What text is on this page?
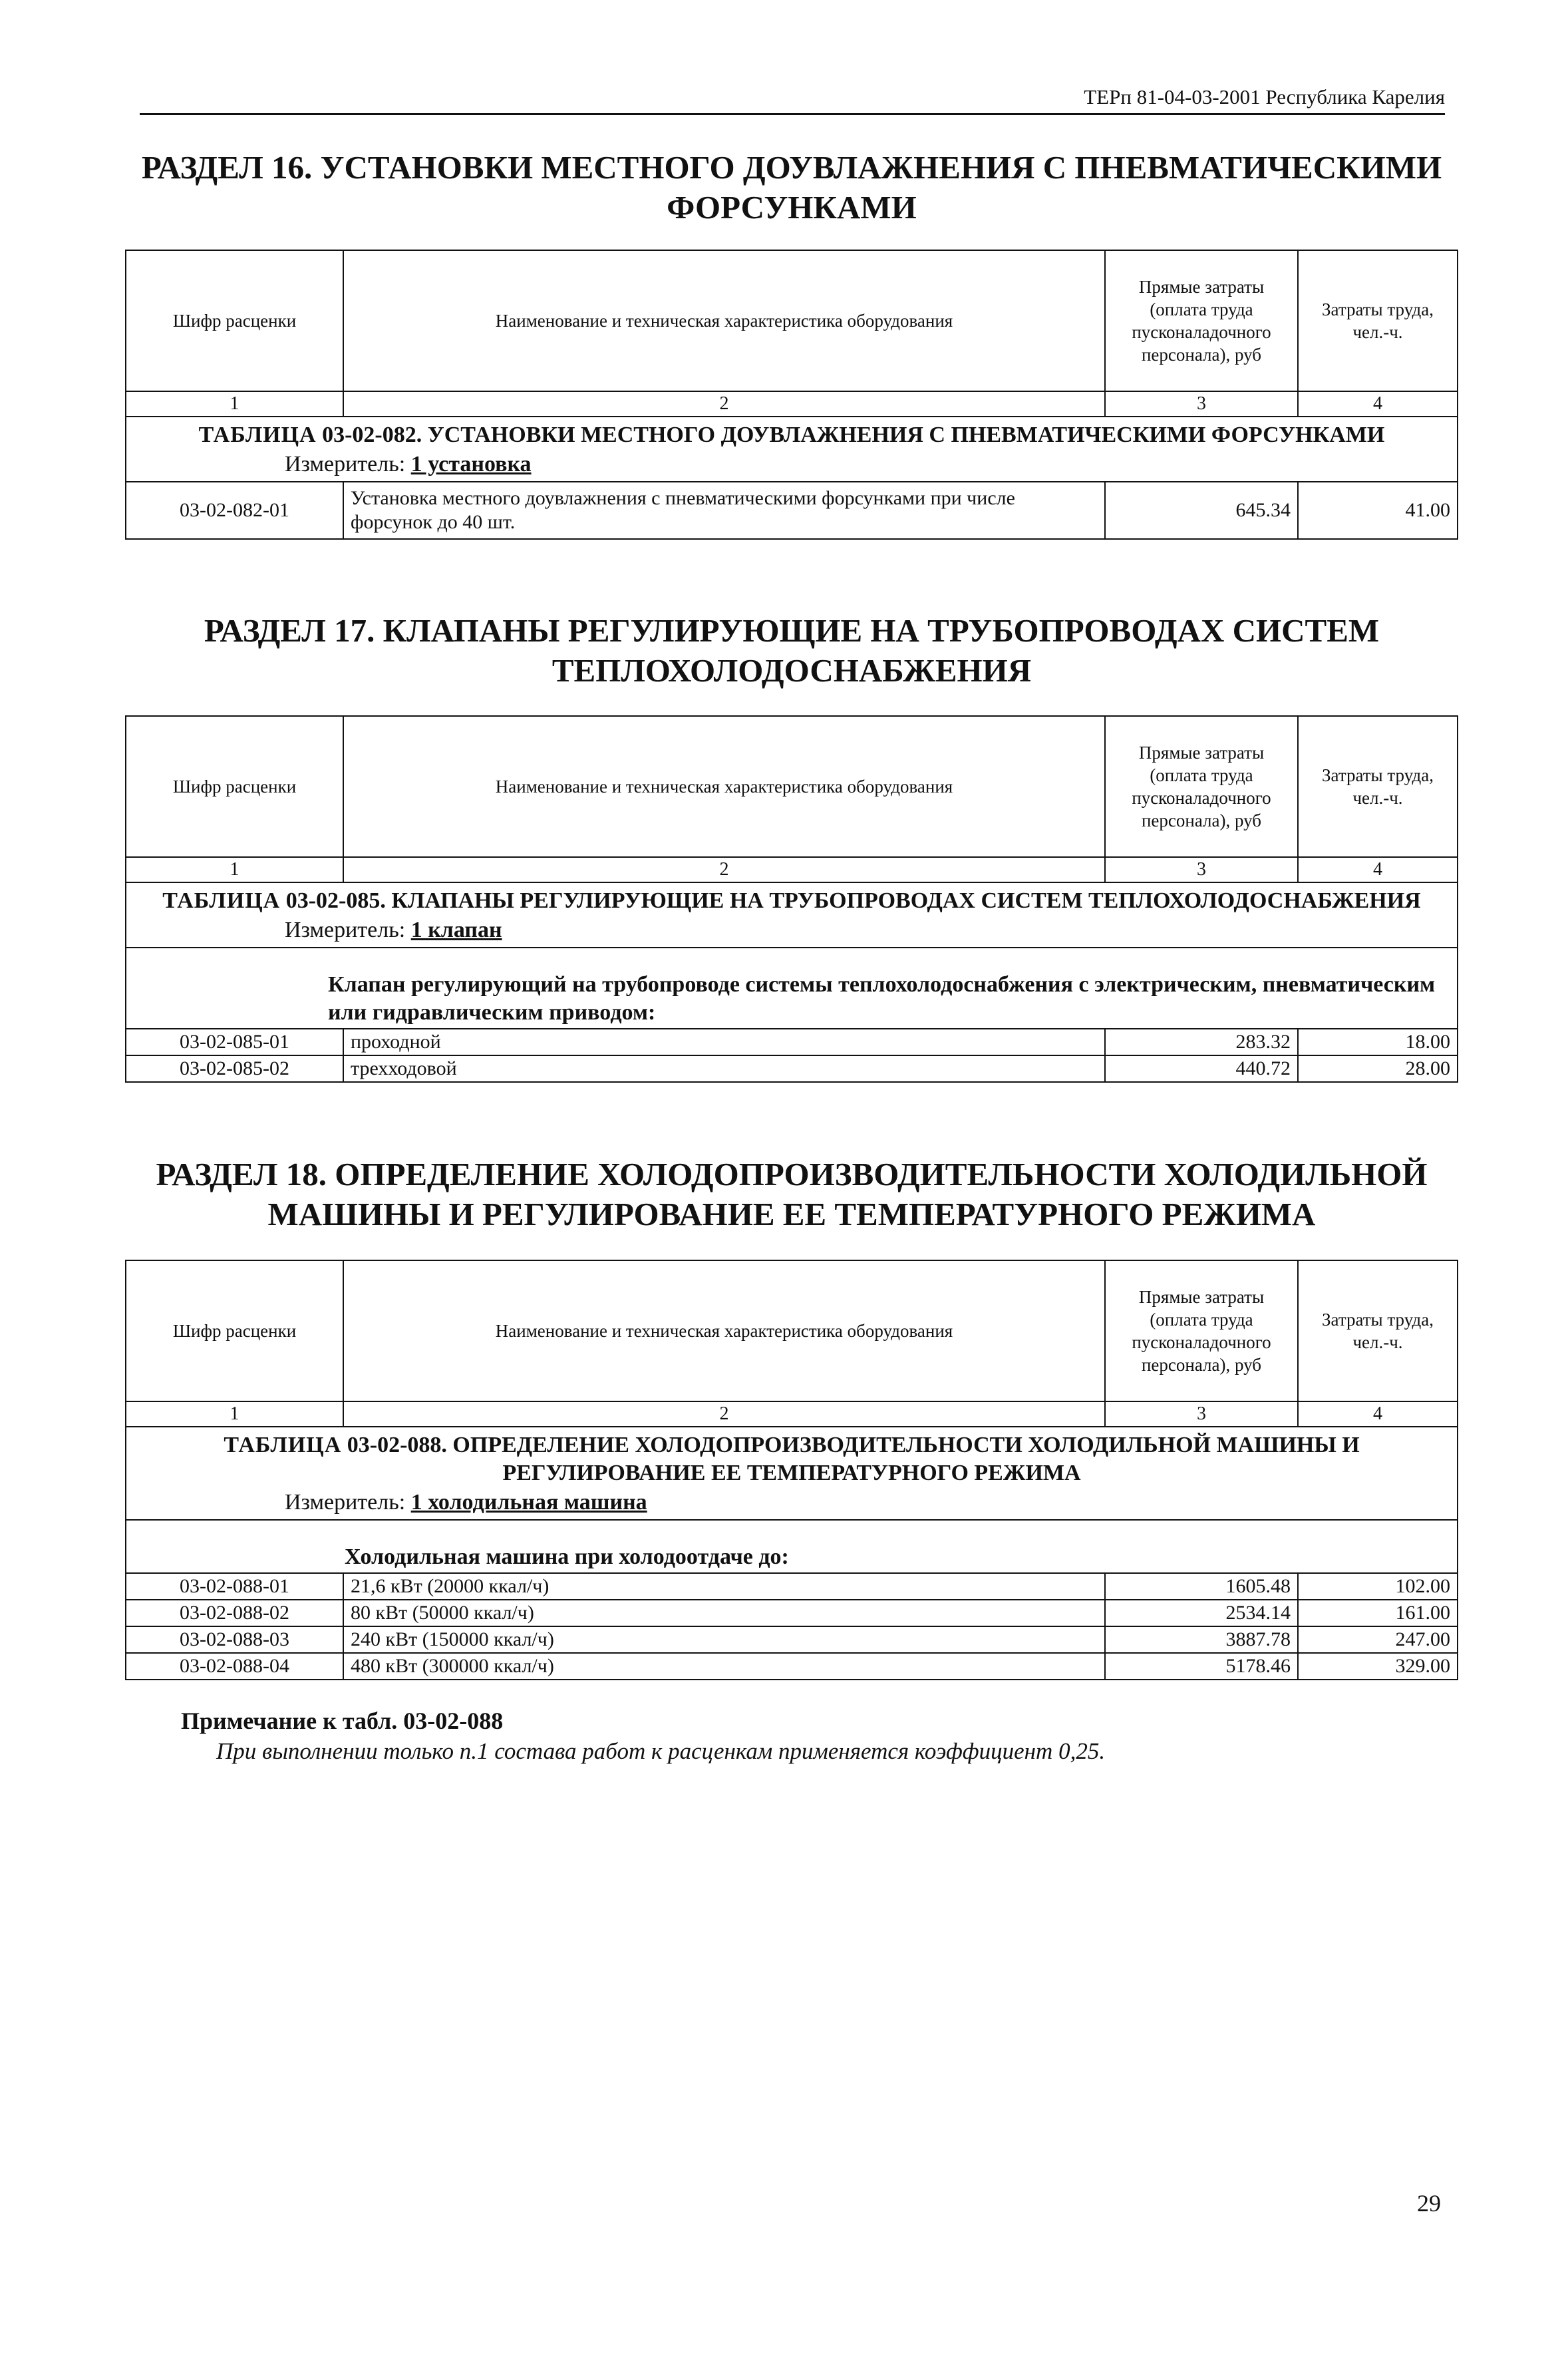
ТЕРп 81-04-03-2001 Республика Карелия
РАЗДЕЛ 16. УСТАНОВКИ МЕСТНОГО ДОУВЛАЖНЕНИЯ С ПНЕВМАТИЧЕСКИМИ ФОРСУНКАМИ
Шифр расценки	Наименование и техническая характеристика оборудования	Прямые затраты (оплата труда пусконаладочного персонала), руб	Затраты труда, чел.-ч.
1	2	3	4
ТАБЛИЦА 03-02-082. УСТАНОВКИ МЕСТНОГО ДОУВЛАЖНЕНИЯ С ПНЕВМАТИЧЕСКИМИ ФОРСУНКАМИ
Измеритель: 1 установка			

03-02-082-01	Установка местного доувлажнения с пневматическими форсунками при числе форсунок до 40 шт.	645.34	41.00
РАЗДЕЛ 17. КЛАПАНЫ РЕГУЛИРУЮЩИЕ НА ТРУБОПРОВОДАХ СИСТЕМ ТЕПЛОХОЛОДОСНАБЖЕНИЯ
Шифр расценки	Наименование и техническая характеристика оборудования	Прямые затраты (оплата труда пусконаладочного персонала), руб	Затраты труда, чел.-ч.
1	2	3	4
ТАБЛИЦА 03-02-085. КЛАПАНЫ РЕГУЛИРУЮЩИЕ НА ТРУБОПРОВОДАХ СИСТЕМ ТЕПЛОХОЛОДОСНАБЖЕНИЯ
Измеритель: 1 клапан			

Клапан регулирующий на трубопроводе системы теплохолодоснабжения с электрическим, пневматическим или гидравлическим приводом:			

03-02-085-01	проходной	283.32	18.00
03-02-085-02	трехходовой	440.72	28.00
РАЗДЕЛ 18. ОПРЕДЕЛЕНИЕ ХОЛОДОПРОИЗВОДИТЕЛЬНОСТИ ХОЛОДИЛЬНОЙ МАШИНЫ И РЕГУЛИРОВАНИЕ ЕЕ ТЕМПЕРАТУРНОГО РЕЖИМА
Шифр расценки	Наименование и техническая характеристика оборудования	Прямые затраты (оплата труда пусконаладочного персонала), руб	Затраты труда, чел.-ч.
1	2	3	4
ТАБЛИЦА 03-02-088. ОПРЕДЕЛЕНИЕ ХОЛОДОПРОИЗВОДИТЕЛЬНОСТИ ХОЛОДИЛЬНОЙ МАШИНЫ И РЕГУЛИРОВАНИЕ ЕЕ ТЕМПЕРАТУРНОГО РЕЖИМА
Измеритель: 1 холодильная машина			

Холодильная машина при холодоотдаче до:			

03-02-088-01	21,6 кВт (20000 ккал/ч)	1605.48	102.00
03-02-088-02	80 кВт (50000 ккал/ч)	2534.14	161.00
03-02-088-03	240 кВт (150000 ккал/ч)	3887.78	247.00
03-02-088-04	480 кВт (300000 ккал/ч)	5178.46	329.00

Примечание к табл. 03-02-088

При выполнении только п.1 состава работ к расценкам применяется коэффициент 0,25.

29
